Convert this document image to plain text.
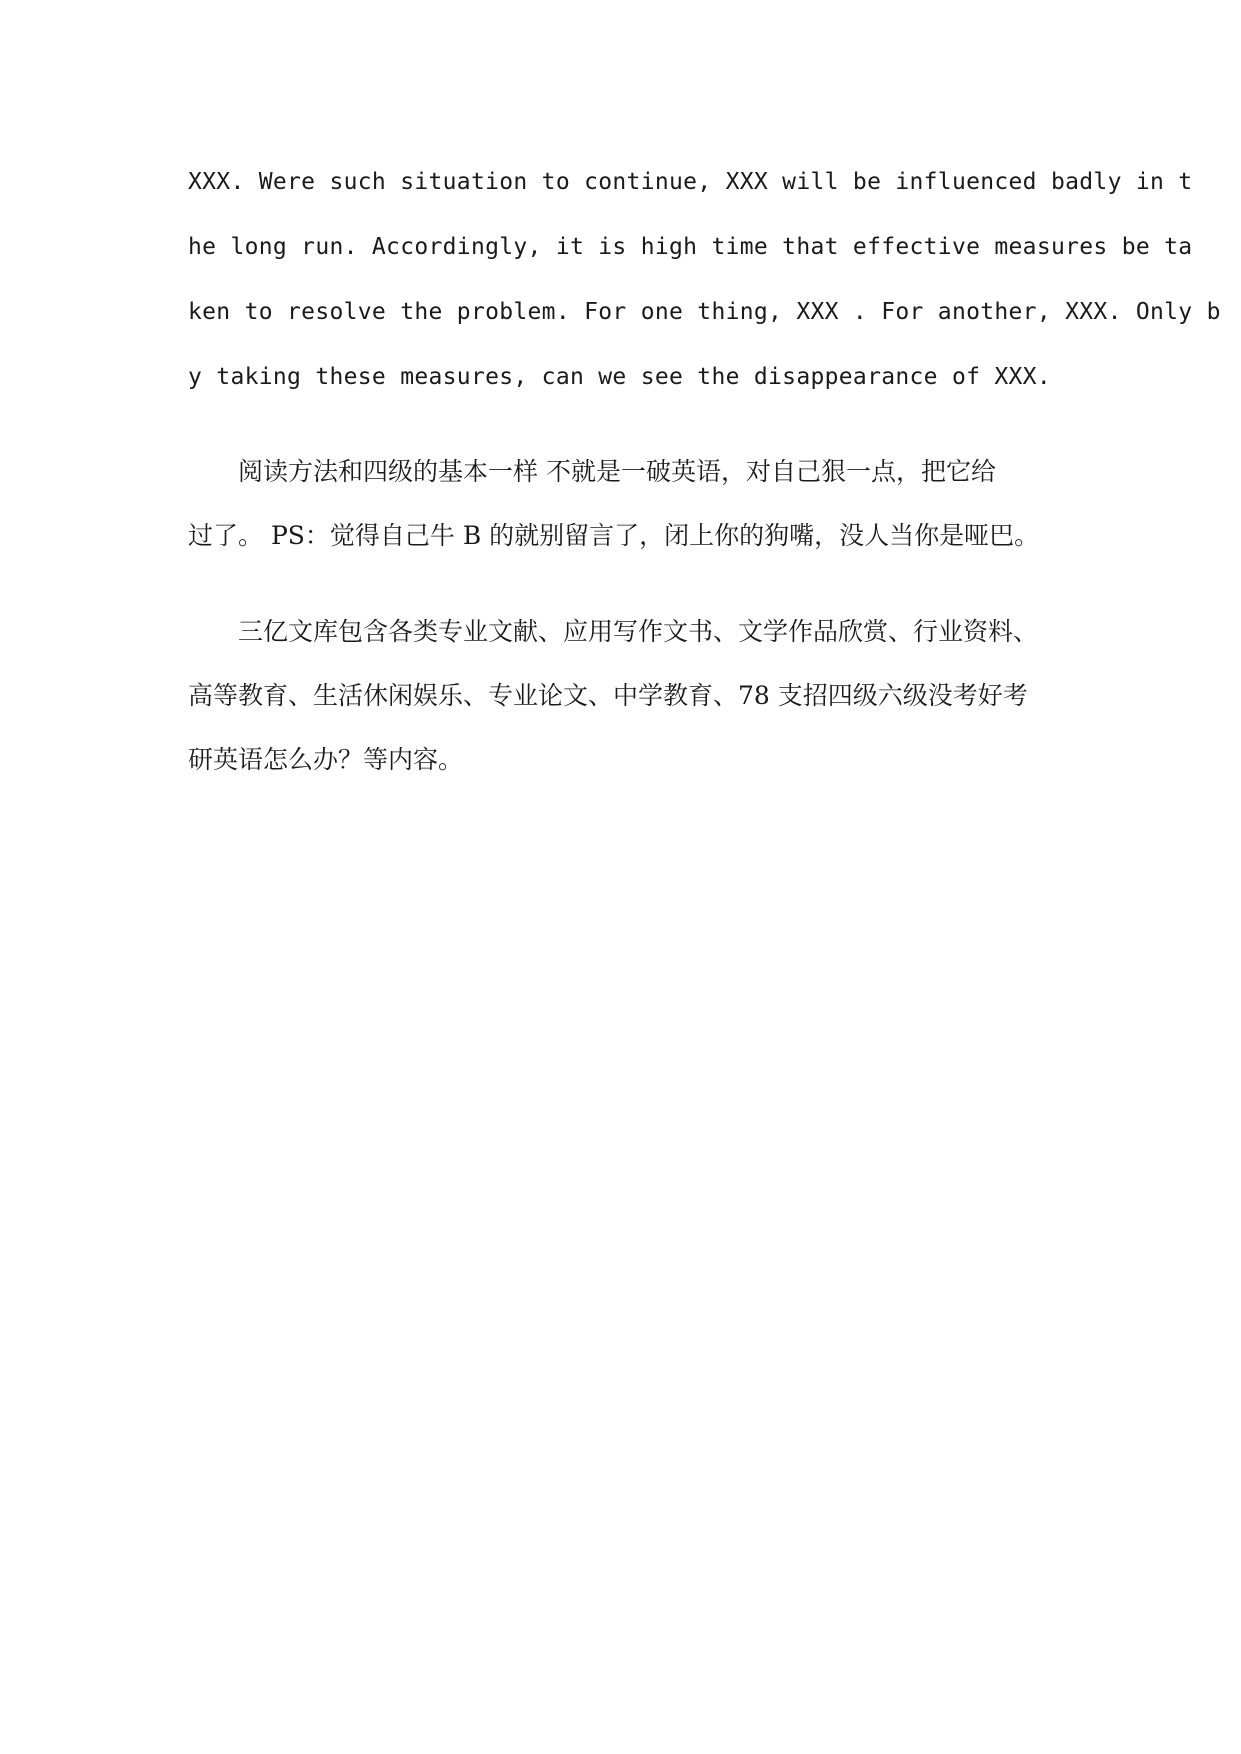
XXX. Were such situation to continue, XXX will be influenced badly in t
he long run. Accordingly, it is high time that effective measures be ta
ken to resolve the problem. For one thing, XXX . For another, XXX. Only b
y taking these measures, can we see the disappearance of XXX.
阅读方法和四级的基本一样 不就是一破英语，对自己狠一点，把它给
过了。 PS：觉得自己牛 B 的就别留言了，闭上你的狗嘴，没人当你是哑巴。
三亿文库包含各类专业文献、应用写作文书、文学作品欣赏、行业资料、
高等教育、生活休闲娱乐、专业论文、中学教育、78 支招四级六级没考好考
研英语怎么办？等内容。
